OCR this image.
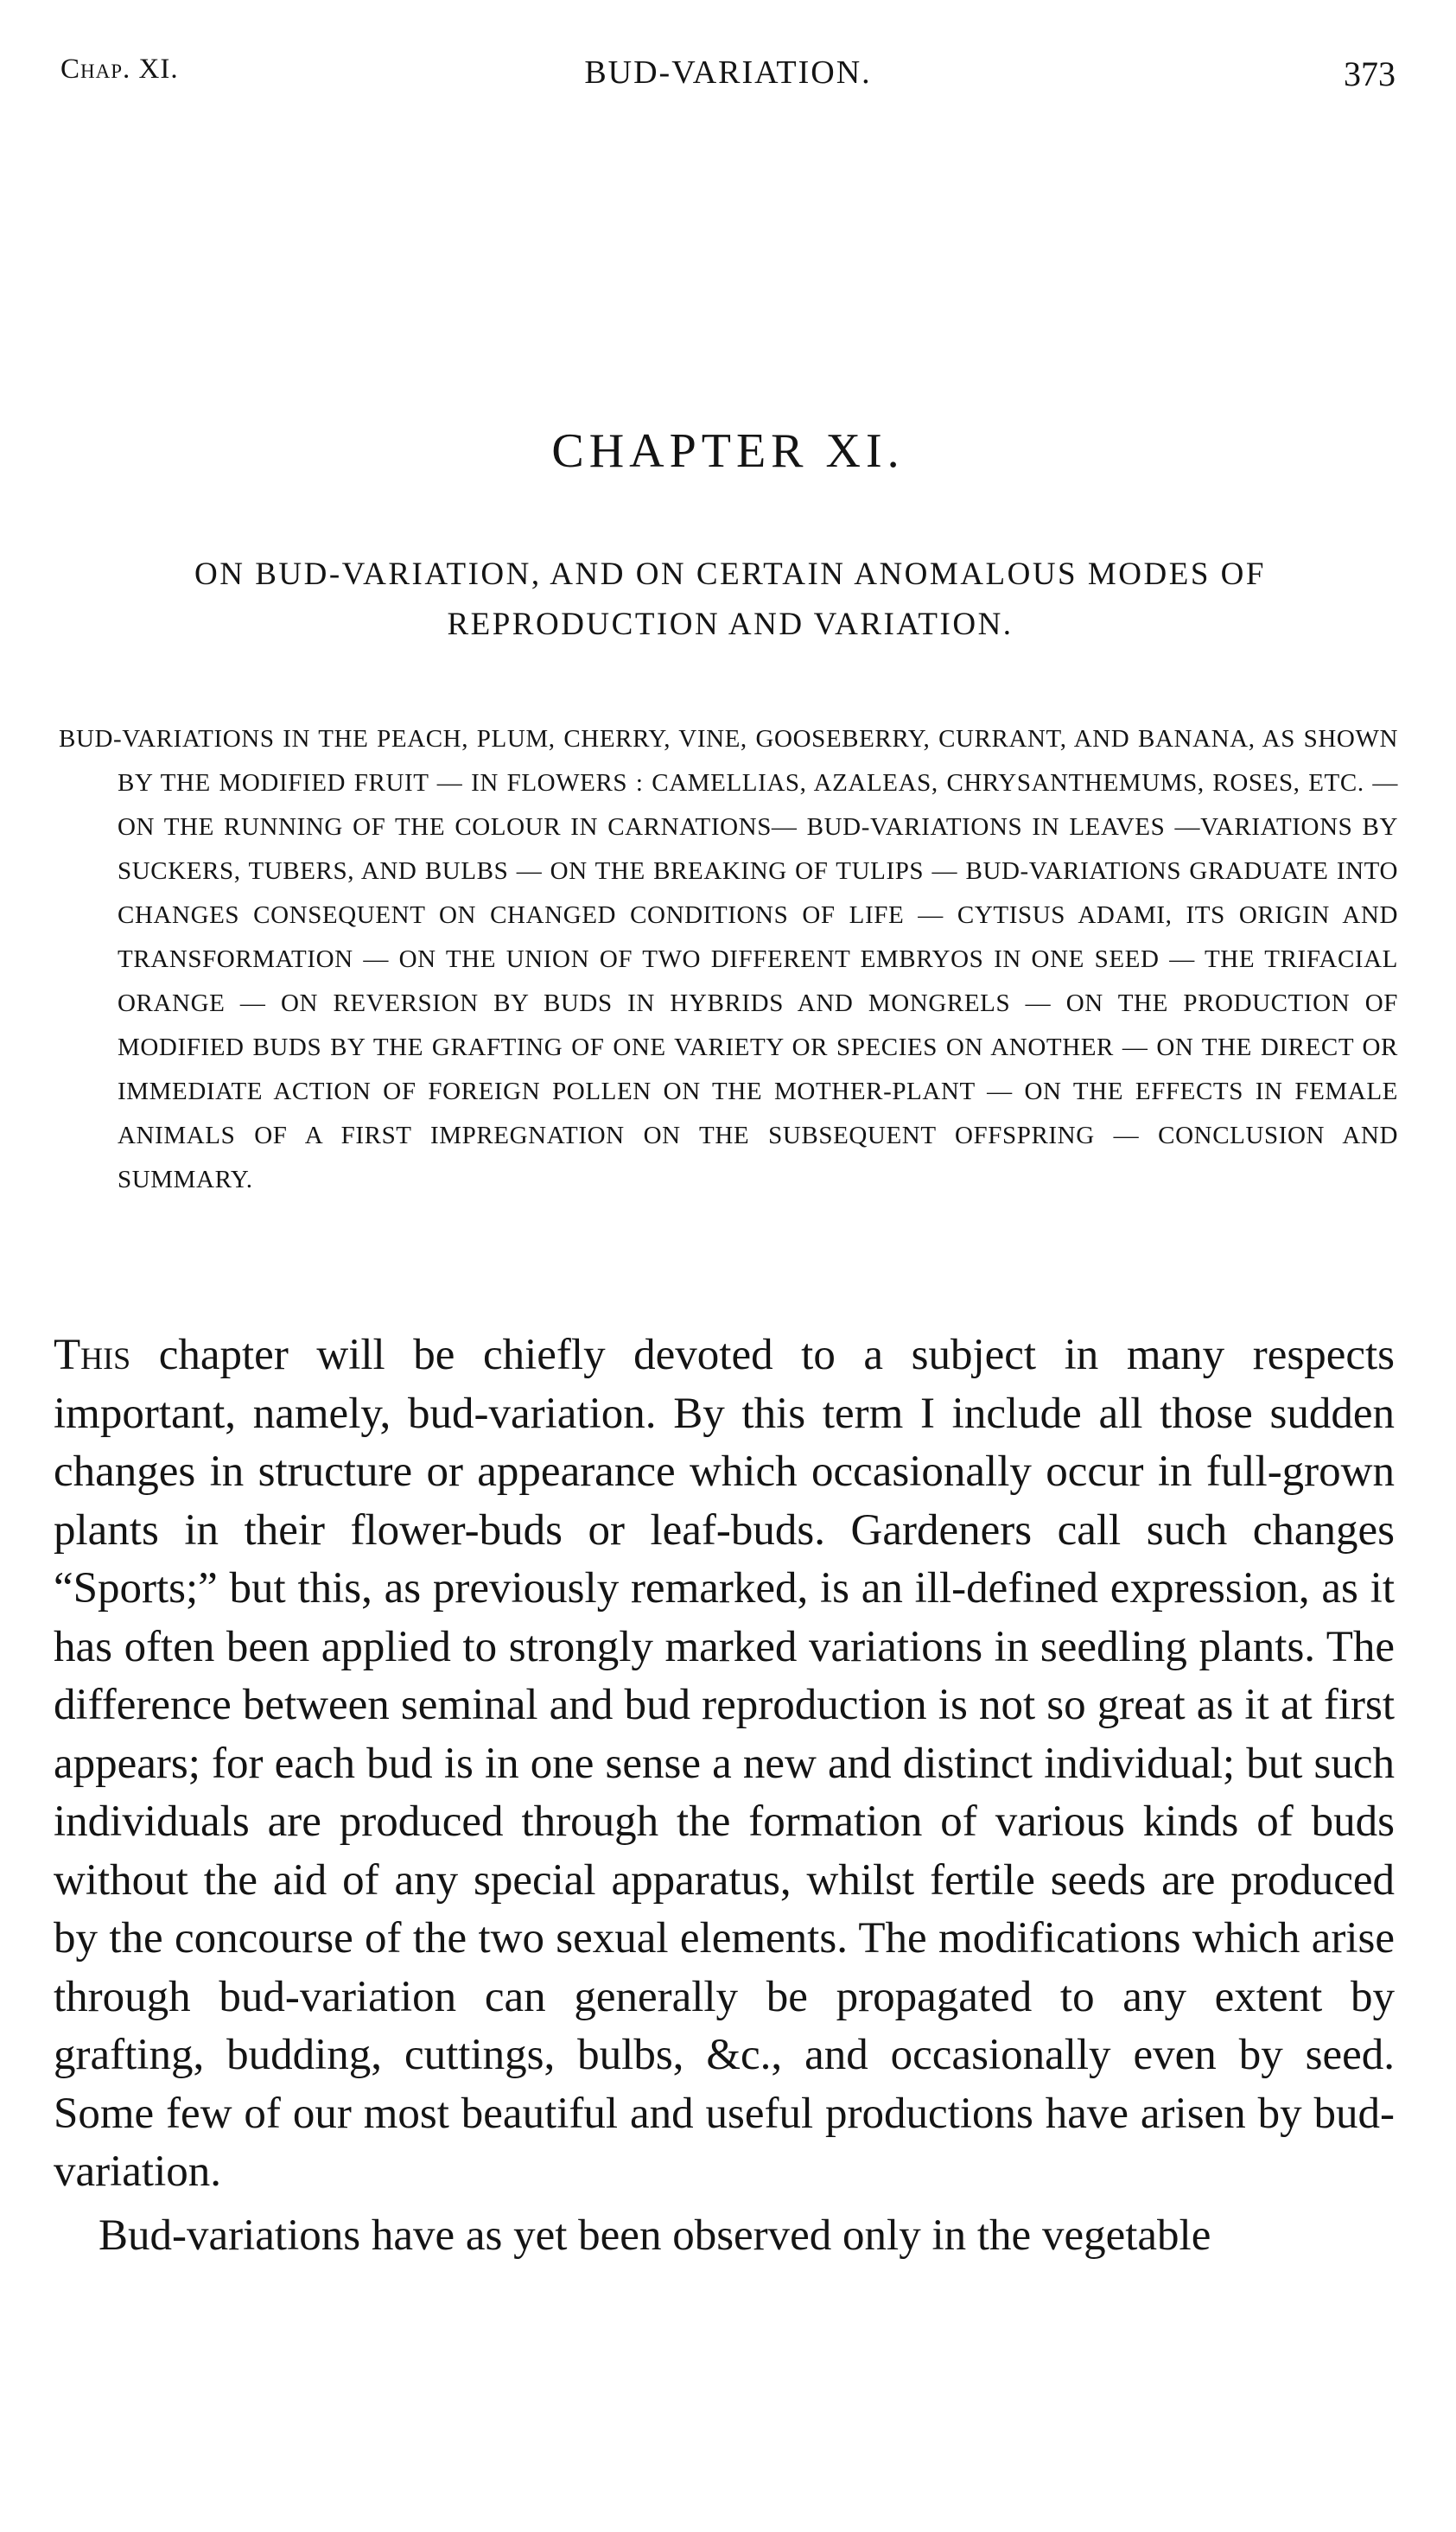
Chap. XI.	BUD-VARIATION.	373
CHAPTER XI.
ON BUD-VARIATION, AND ON CERTAIN ANOMALOUS MODES OF REPRODUCTION AND VARIATION.
BUD-VARIATIONS IN THE PEACH, PLUM, CHERRY, VINE, GOOSEBERRY, CURRANT, AND BANANA, AS SHOWN BY THE MODIFIED FRUIT — IN FLOWERS : CAMELLIAS, AZALEAS, CHRYSANTHEMUMS, ROSES, ETC. — ON THE RUNNING OF THE COLOUR IN CARNATIONS— BUD-VARIATIONS IN LEAVES —VARIATIONS BY SUCKERS, TUBERS, AND BULBS — ON THE BREAKING OF TULIPS — BUD-VARIATIONS GRADUATE INTO CHANGES CONSEQUENT ON CHANGED CONDITIONS OF LIFE — CYTISUS ADAMI, ITS ORIGIN AND TRANSFORMATION — ON THE UNION OF TWO DIFFERENT EMBRYOS IN ONE SEED — THE TRIFACIAL ORANGE — ON REVERSION BY BUDS IN HYBRIDS AND MONGRELS — ON THE PRODUCTION OF MODIFIED BUDS BY THE GRAFTING OF ONE VARIETY OR SPECIES ON ANOTHER — ON THE DIRECT OR IMMEDIATE ACTION OF FOREIGN POLLEN ON THE MOTHER-PLANT — ON THE EFFECTS IN FEMALE ANIMALS OF A FIRST IMPREGNATION ON THE SUBSEQUENT OFFSPRING — CONCLUSION AND SUMMARY.

This chapter will be chiefly devoted to a subject in many respects important, namely, bud-variation. By this term I include all those sudden changes in structure or appearance which occasionally occur in full-grown plants in their flower-buds or leaf-buds. Gardeners call such changes “Sports;” but this, as previously remarked, is an ill-defined expression, as it has often been applied to strongly marked variations in seedling plants. The difference between seminal and bud reproduction is not so great as it at first appears; for each bud is in one sense a new and distinct individual; but such individuals are produced through the formation of various kinds of buds without the aid of any special apparatus, whilst fertile seeds are produced by the concourse of the two sexual elements. The modifications which arise through bud-variation can generally be propagated to any extent by grafting, budding, cuttings, bulbs, &c., and occasionally even by seed. Some few of our most beautiful and useful productions have arisen by bud-variation.

Bud-variations have as yet been observed only in the vegetable
